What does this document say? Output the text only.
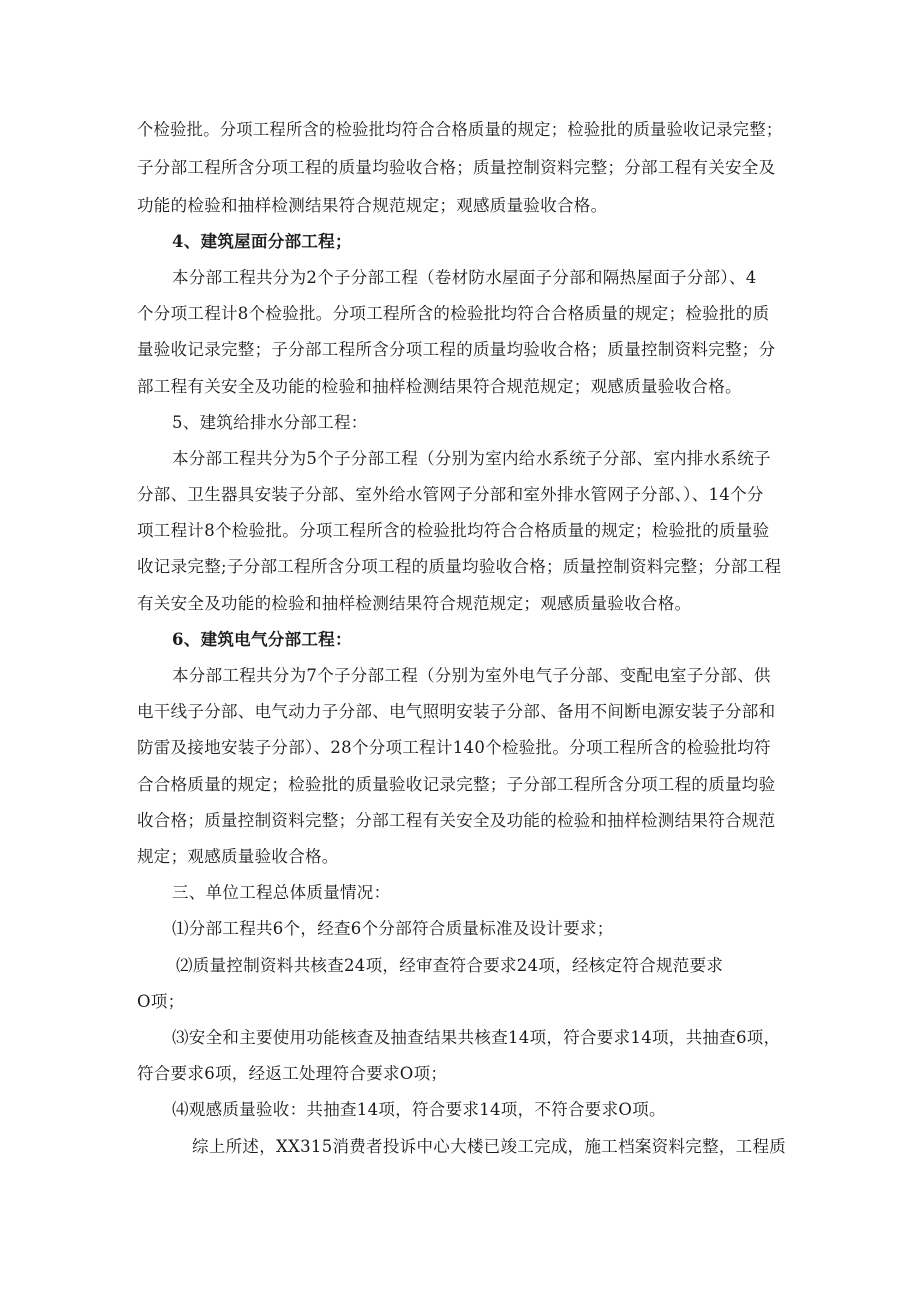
个检验批。分项工程所含的检验批均符合合格质量的规定；检验批的质量验收记录完整；
子分部工程所含分项工程的质量均验收合格；质量控制资料完整；分部工程有关安全及
功能的检验和抽样检测结果符合规范规定；观感质量验收合格。
4、建筑屋面分部工程；
本分部工程共分为2个子分部工程（卷材防水屋面子分部和隔热屋面子分部）、4
个分项工程计8个检验批。分项工程所含的检验批均符合合格质量的规定；检验批的质
量验收记录完整；子分部工程所含分项工程的质量均验收合格；质量控制资料完整；分
部工程有关安全及功能的检验和抽样检测结果符合规范规定；观感质量验收合格。
5、建筑给排水分部工程：
本分部工程共分为5个子分部工程（分别为室内给水系统子分部、室内排水系统子
分部、卫生器具安装子分部、室外给水管网子分部和室外排水管网子分部、）、14个分
项工程计8个检验批。分项工程所含的检验批均符合合格质量的规定；检验批的质量验
收记录完整;子分部工程所含分项工程的质量均验收合格；质量控制资料完整；分部工程
有关安全及功能的检验和抽样检测结果符合规范规定；观感质量验收合格。
6、建筑电气分部工程：
本分部工程共分为7个子分部工程（分别为室外电气子分部、变配电室子分部、供
电干线子分部、电气动力子分部、电气照明安装子分部、备用不间断电源安装子分部和
防雷及接地安装子分部）、28个分项工程计140个检验批。分项工程所含的检验批均符
合合格质量的规定；检验批的质量验收记录完整；子分部工程所含分项工程的质量均验
收合格；质量控制资料完整；分部工程有关安全及功能的检验和抽样检测结果符合规范
规定；观感质量验收合格。
三、单位工程总体质量情况：
⑴分部工程共6个，经查6个分部符合质量标准及设计要求；
⑵质量控制资料共核查24项，经审查符合要求24项，经核定符合规范要求
O项；
⑶安全和主要使用功能核查及抽查结果共核查14项，符合要求14项，共抽查6项，
符合要求6项，经返工处理符合要求O项；
⑷观感质量验收：共抽查14项，符合要求14项，不符合要求O项。
综上所述，XX315消费者投诉中心大楼已竣工完成，施工档案资料完整，工程质
